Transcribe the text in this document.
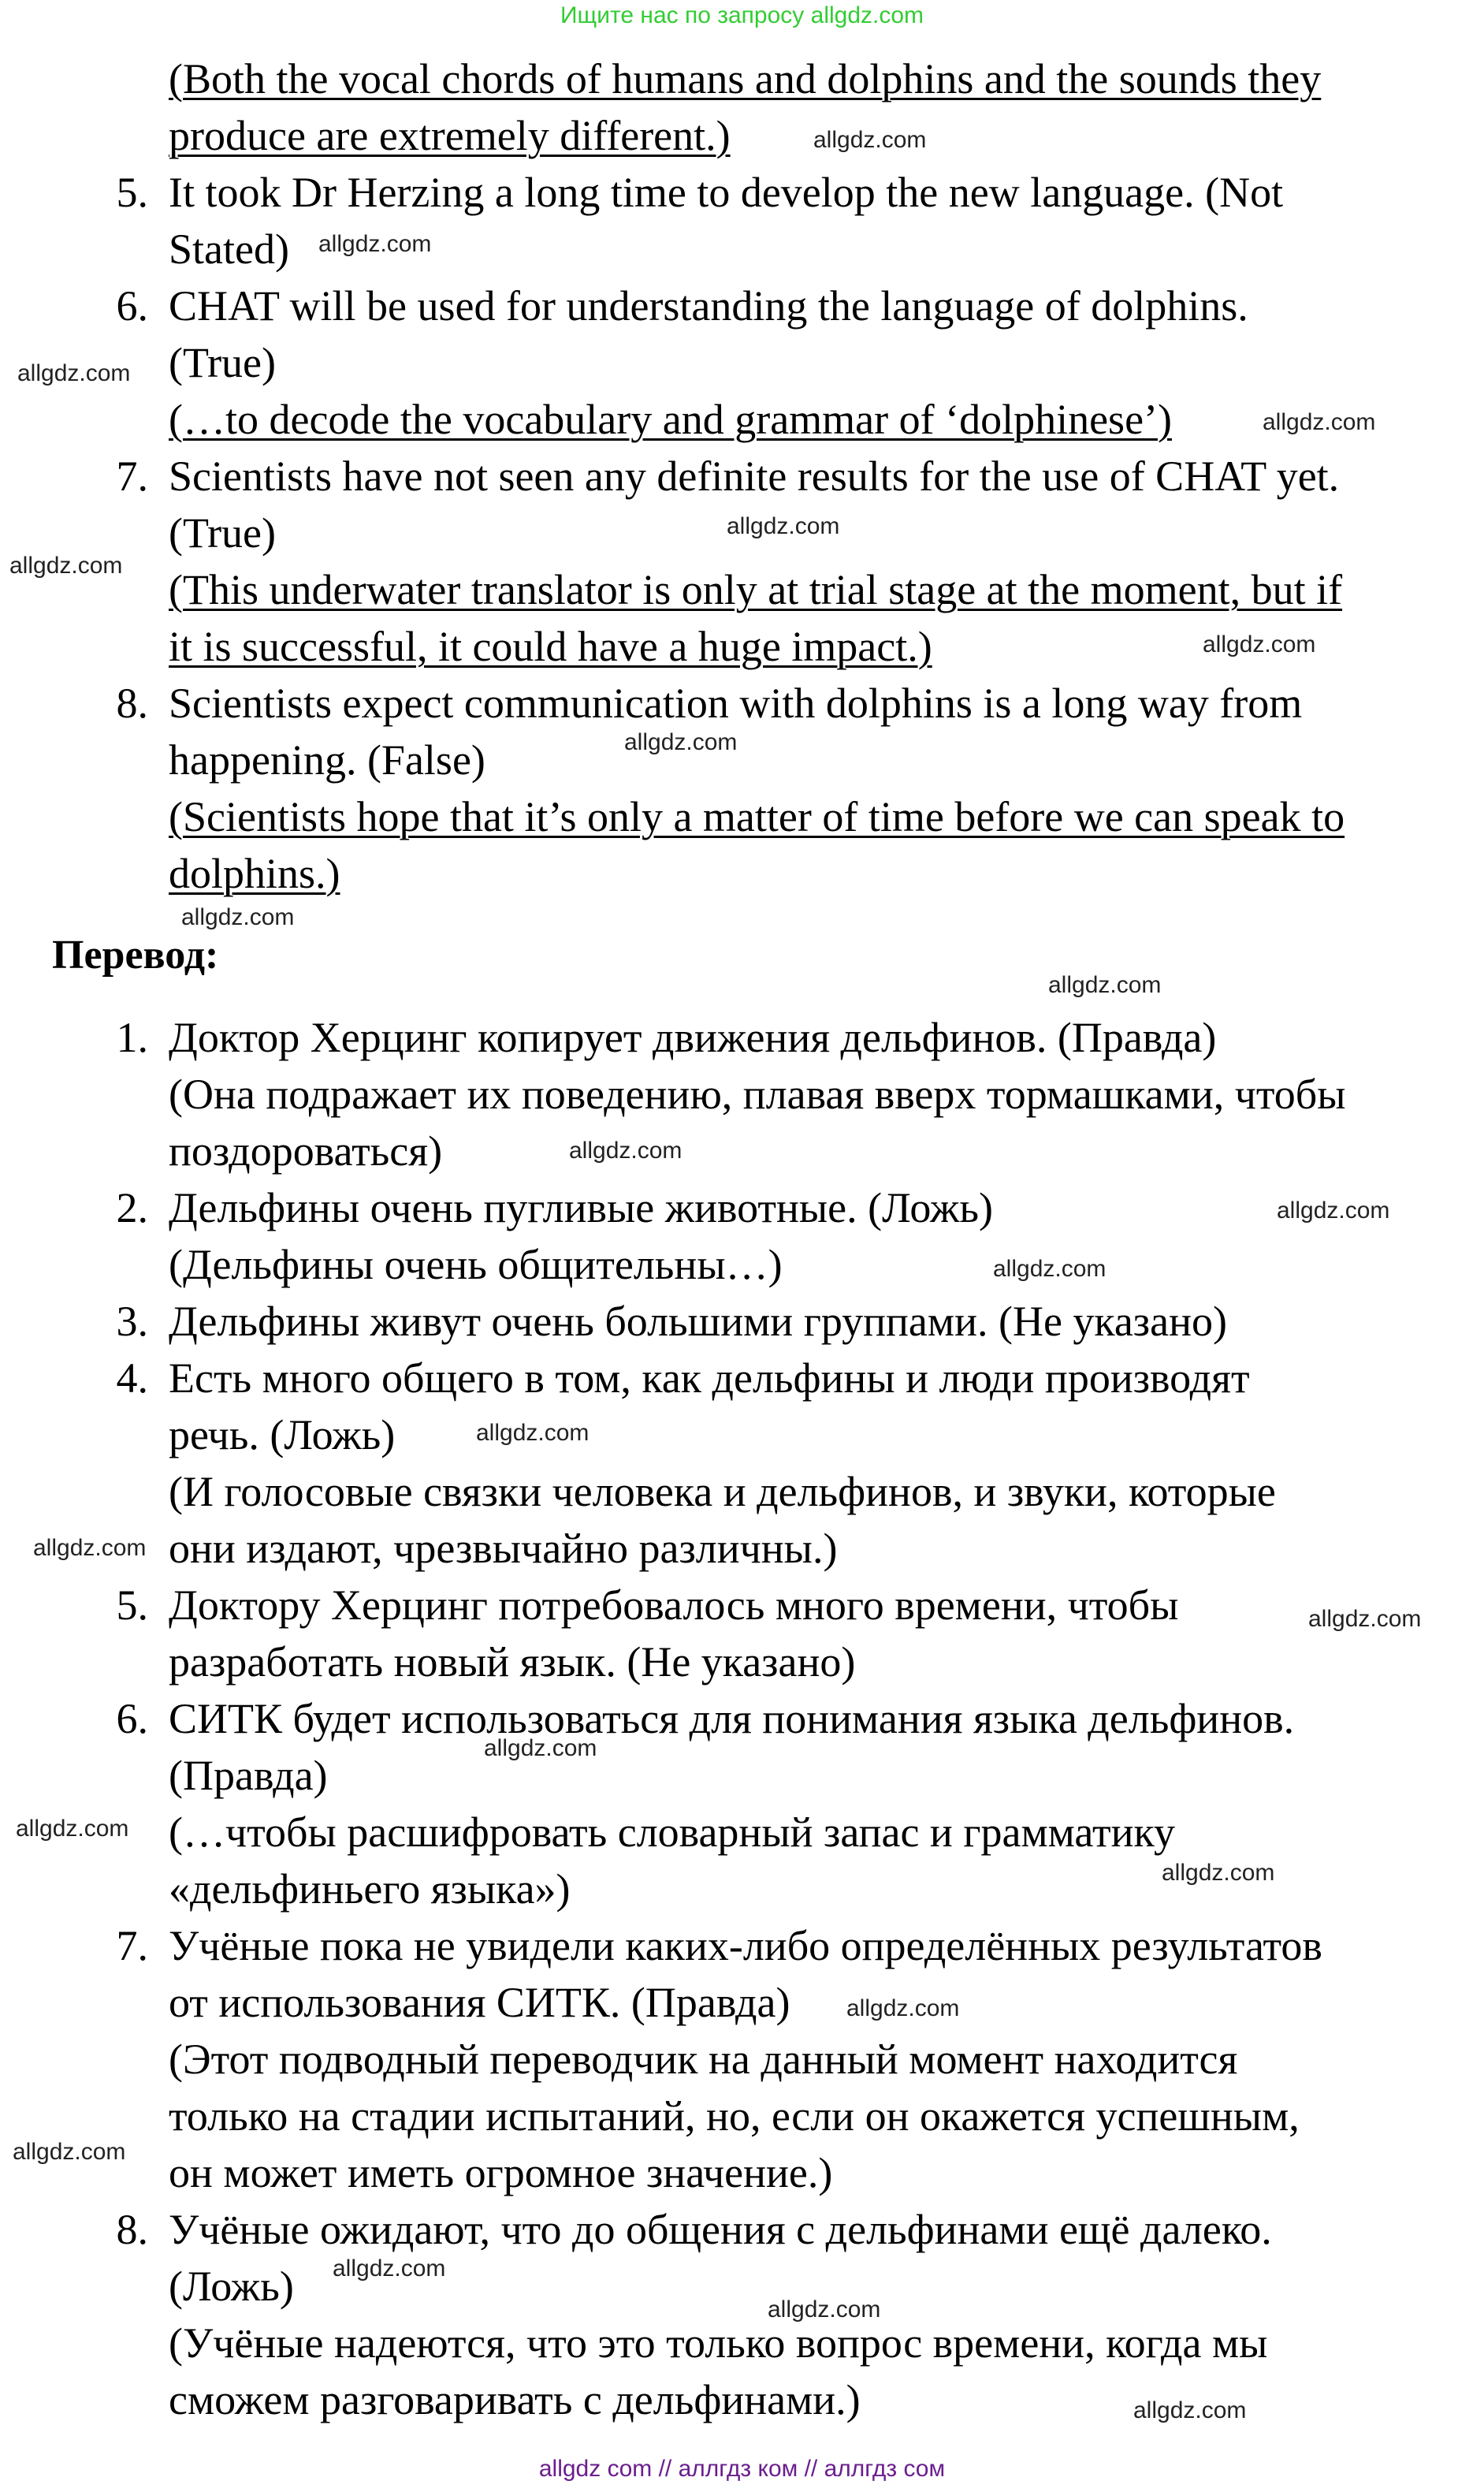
Ищите нас по запросу allgdz.com
(Both the vocal chords of humans and dolphins and the sounds they
produce are extremely different.)
5. It took Dr Herzing a long time to develop the new language. (Not
Stated)
6. CHAT will be used for understanding the language of dolphins.
(True)
(…to decode the vocabulary and grammar of ‘dolphinese’)
7. Scientists have not seen any definite results for the use of CHAT yet.
(True)
(This underwater translator is only at trial stage at the moment, but if
it is successful, it could have a huge impact.)
8. Scientists expect communication with dolphins is a long way from
happening. (False)
(Scientists hope that it’s only a matter of time before we can speak to
dolphins.)
Перевод:
1. Доктор Херцинг копирует движения дельфинов. (Правда)
(Она подражает их поведению, плавая вверх тормашками, чтобы
поздороваться)
2. Дельфины очень пугливые животные. (Ложь)
(Дельфины очень общительны…)
3. Дельфины живут очень большими группами. (Не указано)
4. Есть много общего в том, как дельфины и люди производят
речь. (Ложь)
(И голосовые связки человека и дельфинов, и звуки, которые
они издают, чрезвычайно различны.)
5. Доктору Херцинг потребовалось много времени, чтобы
разработать новый язык. (Не указано)
6. СИТК будет использоваться для понимания языка дельфинов.
(Правда)
(…чтобы расшифровать словарный запас и грамматику
«дельфиньего языка»)
7. Учёные пока не увидели каких-либо определённых результатов
от использования СИТК. (Правда)
(Этот подводный переводчик на данный момент находится
только на стадии испытаний, но, если он окажется успешным,
он может иметь огромное значение.)
8. Учёные ожидают, что до общения с дельфинами ещё далеко.
(Ложь)
(Учёные надеются, что это только вопрос времени, когда мы
сможем разговаривать с дельфинами.)
allgdz.com
allgdz.com
allgdz.com
allgdz.com
allgdz.com
allgdz.com
allgdz.com
allgdz.com
allgdz.com
allgdz.com
allgdz.com
allgdz.com
allgdz.com
allgdz.com
allgdz.com
allgdz.com
allgdz.com
allgdz.com
allgdz.com
allgdz.com
allgdz.com
allgdz.com
allgdz.com
allgdz.com
allgdz com // аллгдз ком // аллгдз сом
